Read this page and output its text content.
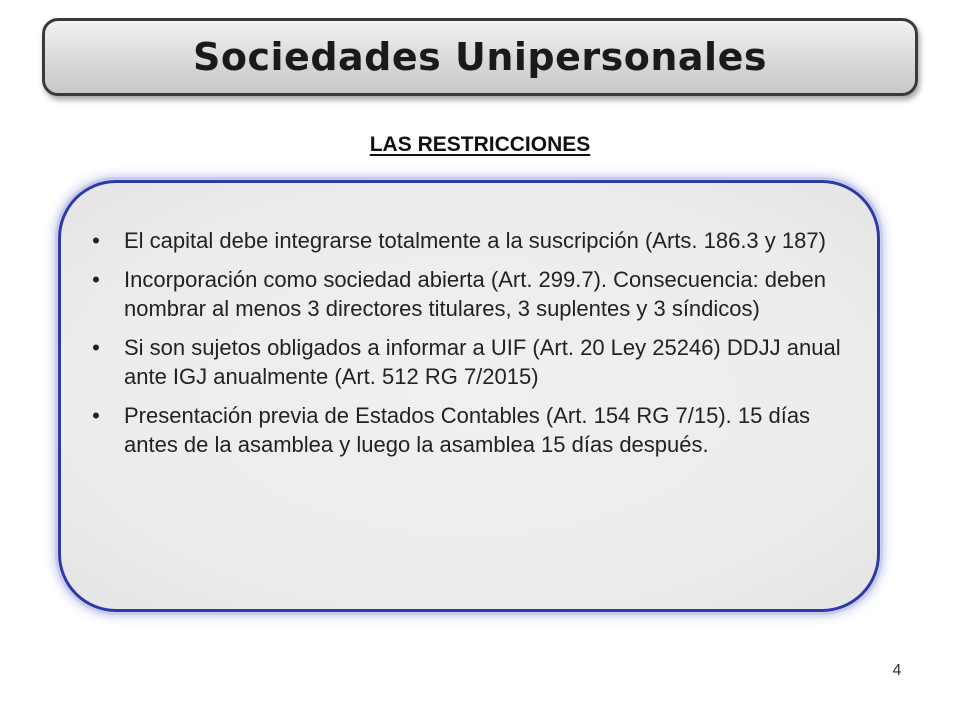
Sociedades Unipersonales
LAS RESTRICCIONES
• El capital debe integrarse totalmente a la suscripción (Arts. 186.3 y 187)
• Incorporación como sociedad abierta (Art. 299.7). Consecuencia: deben nombrar al menos 3 directores titulares, 3 suplentes y 3 síndicos)
• Si son sujetos obligados a informar a UIF (Art. 20 Ley 25246) DDJJ anual ante IGJ anualmente (Art. 512 RG 7/2015)
• Presentación previa de Estados Contables (Art. 154 RG 7/15). 15 días antes de la asamblea y luego la asamblea 15 días después.
4
